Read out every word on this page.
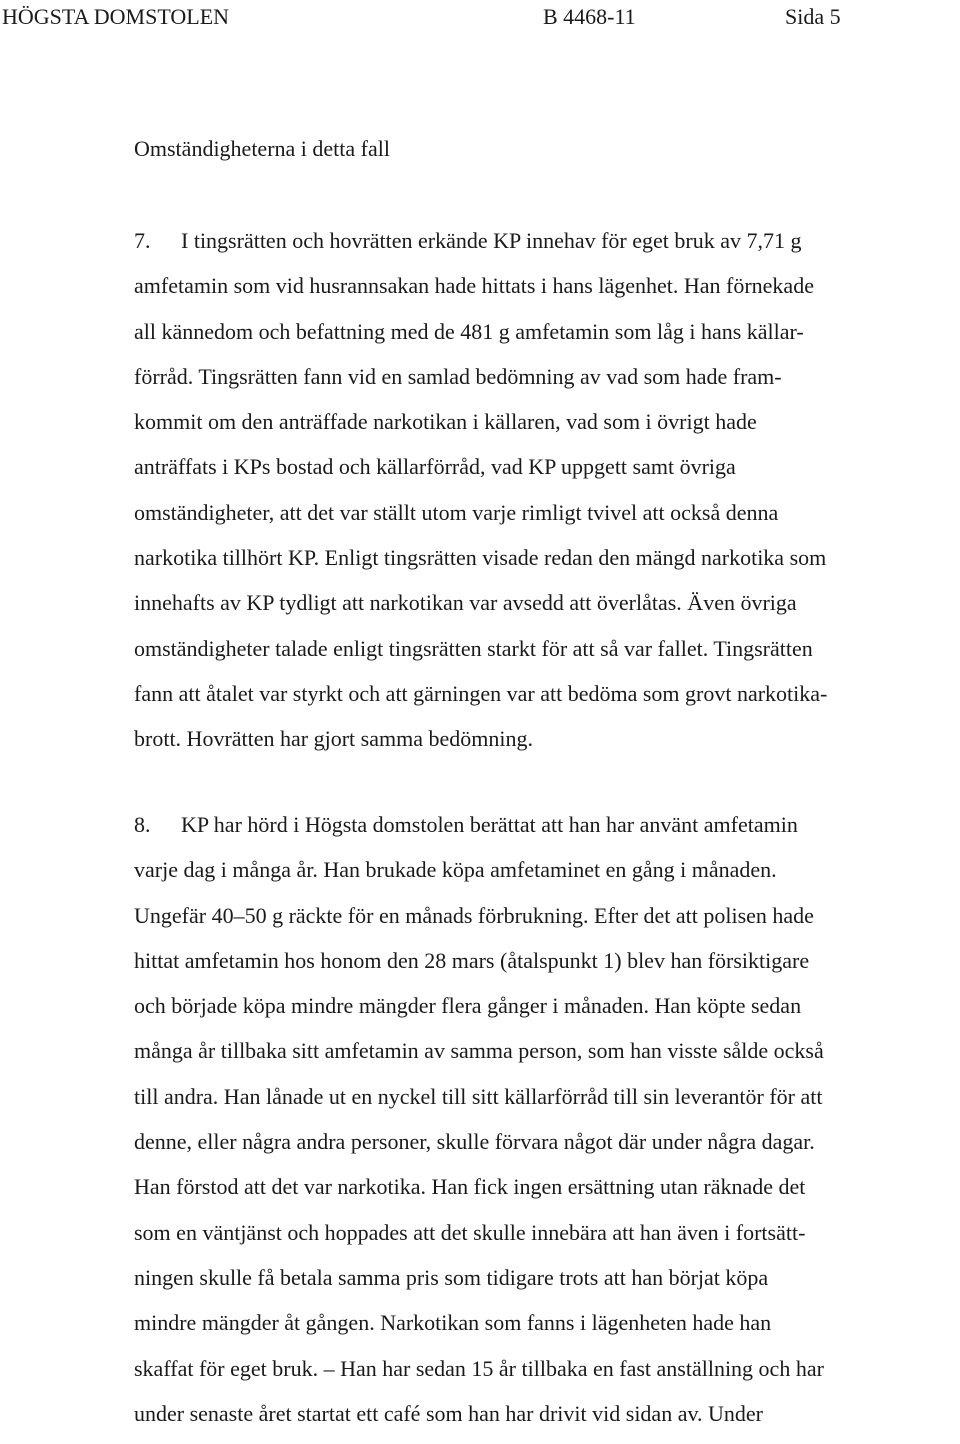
HÖGSTA DOMSTOLEN	B 4468-11	Sida 5
Omständigheterna i detta fall
7. I tingsrätten och hovrätten erkände KP innehav för eget bruk av 7,71 g
amfetamin som vid husrannsakan hade hittats i hans lägenhet. Han förnekade
all kännedom och befattning med de 481 g amfetamin som låg i hans källar-
förråd. Tingsrätten fann vid en samlad bedömning av vad som hade fram-
kommit om den anträffade narkotikan i källaren, vad som i övrigt hade
anträffats i KPs bostad och källarförråd, vad KP uppgett samt övriga
omständigheter, att det var ställt utom varje rimligt tvivel att också denna
narkotika tillhört KP. Enligt tingsrätten visade redan den mängd narkotika som
innehafts av KP tydligt att narkotikan var avsedd att överlåtas. Även övriga
omständigheter talade enligt tingsrätten starkt för att så var fallet. Tingsrätten
fann att åtalet var styrkt och att gärningen var att bedöma som grovt narkotika-
brott. Hovrätten har gjort samma bedömning.
8. KP har hörd i Högsta domstolen berättat att han har använt amfetamin
varje dag i många år. Han brukade köpa amfetaminet en gång i månaden.
Ungefär 40–50 g räckte för en månads förbrukning. Efter det att polisen hade
hittat amfetamin hos honom den 28 mars (åtalspunkt 1) blev han försiktigare
och började köpa mindre mängder flera gånger i månaden. Han köpte sedan
många år tillbaka sitt amfetamin av samma person, som han visste sålde också
till andra. Han lånade ut en nyckel till sitt källarförråd till sin leverantör för att
denne, eller några andra personer, skulle förvara något där under några dagar.
Han förstod att det var narkotika. Han fick ingen ersättning utan räknade det
som en väntjänst och hoppades att det skulle innebära att han även i fortsätt-
ningen skulle få betala samma pris som tidigare trots att han börjat köpa
mindre mängder åt gången. Narkotikan som fanns i lägenheten hade han
skaffat för eget bruk. – Han har sedan 15 år tillbaka en fast anställning och har
under senaste året startat ett café som han har drivit vid sidan av. Under
